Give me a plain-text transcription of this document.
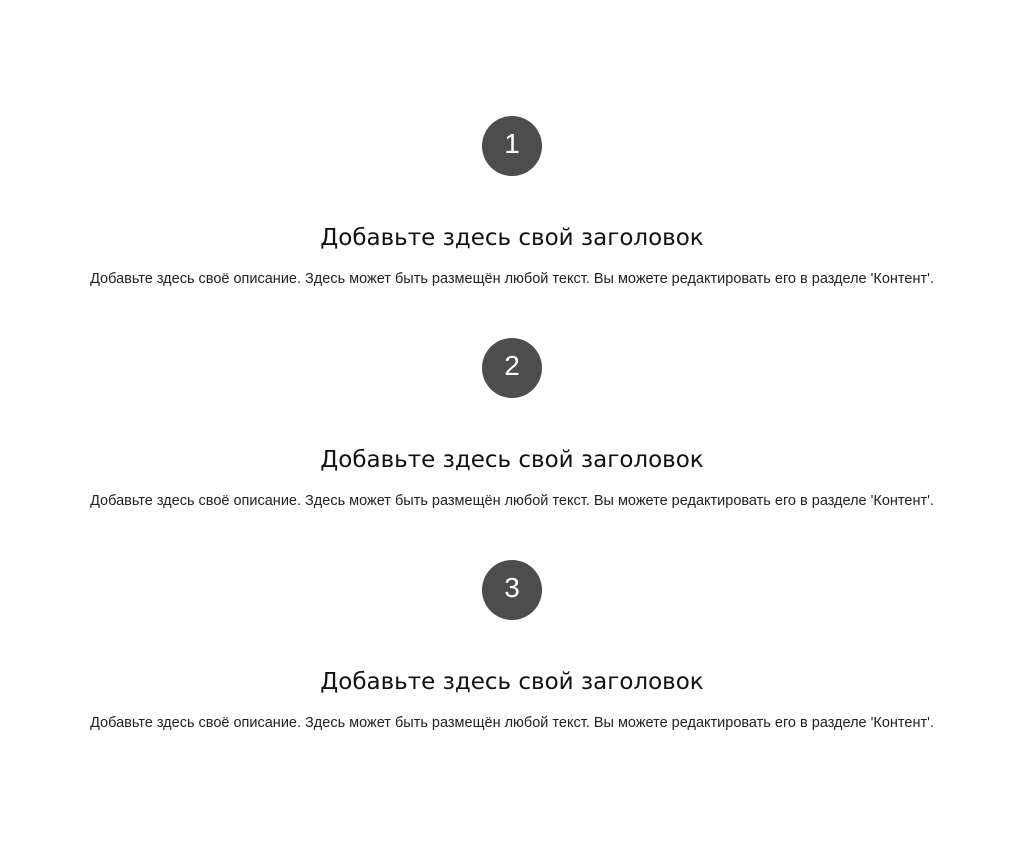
1
Добавьте здесь свой заголовок

Добавьте здесь своё описание. Здесь может быть размещён любой текст. Вы можете редактировать его в разделе 'Контент'.

2
Добавьте здесь свой заголовок

Добавьте здесь своё описание. Здесь может быть размещён любой текст. Вы можете редактировать его в разделе 'Контент'.

3
Добавьте здесь свой заголовок

Добавьте здесь своё описание. Здесь может быть размещён любой текст. Вы можете редактировать его в разделе 'Контент'.
